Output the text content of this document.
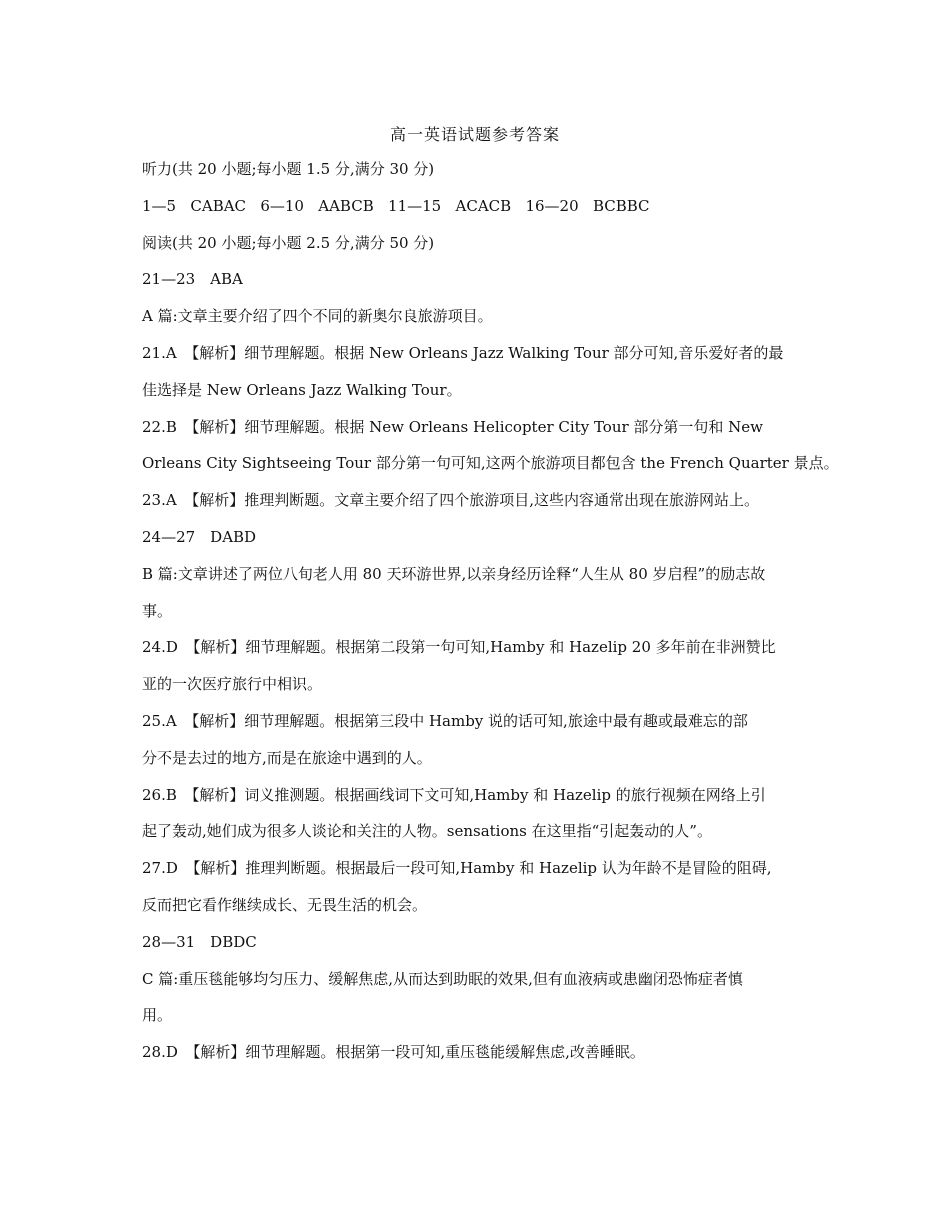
高一英语试题参考答案
听力(共 20 小题;每小题 1.5 分,满分 30 分)
1—5   CABAC   6—10   AABCB   11—15   ACACB   16—20   BCBBC
阅读(共 20 小题;每小题 2.5 分,满分 50 分)
21—23　ABA
A 篇:文章主要介绍了四个不同的新奥尔良旅游项目。
21.A　【解析】细节理解题。根据 New Orleans Jazz Walking Tour 部分可知,音乐爱好者的最
佳选择是 New Orleans Jazz Walking Tour。
22.B　【解析】细节理解题。根据 New Orleans Helicopter City Tour 部分第一句和 New
Orleans City Sightseeing Tour 部分第一句可知,这两个旅游项目都包含 the French Quarter 景点。
23.A　【解析】推理判断题。文章主要介绍了四个旅游项目,这些内容通常出现在旅游网站上。
24—27　DABD
B 篇:文章讲述了两位八旬老人用 80 天环游世界,以亲身经历诠释“人生从 80 岁启程”的励志故
事。
24.D　【解析】细节理解题。根据第二段第一句可知,Hamby 和 Hazelip 20 多年前在非洲赞比
亚的一次医疗旅行中相识。
25.A　【解析】细节理解题。根据第三段中 Hamby 说的话可知,旅途中最有趣或最难忘的部
分不是去过的地方,而是在旅途中遇到的人。
26.B　【解析】词义推测题。根据画线词下文可知,Hamby 和 Hazelip 的旅行视频在网络上引
起了轰动,她们成为很多人谈论和关注的人物。sensations 在这里指“引起轰动的人”。
27.D　【解析】推理判断题。根据最后一段可知,Hamby 和 Hazelip 认为年龄不是冒险的阻碍,
反而把它看作继续成长、无畏生活的机会。
28—31　DBDC
C 篇:重压毯能够均匀压力、缓解焦虑,从而达到助眠的效果,但有血液病或患幽闭恐怖症者慎
用。
28.D　【解析】细节理解题。根据第一段可知,重压毯能缓解焦虑,改善睡眠。
